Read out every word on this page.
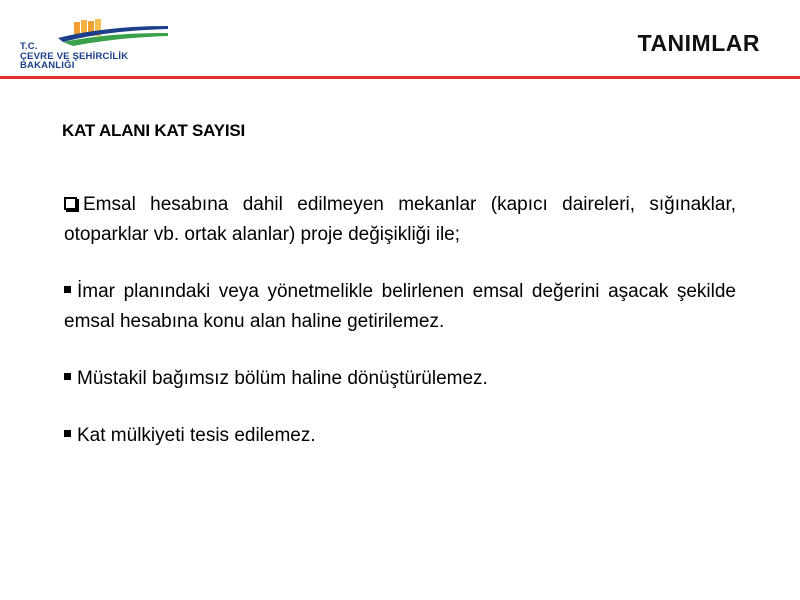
T.C.
ÇEVRE VE ŞEHİRCİLİK
BAKANLIĞI
TANIMLAR
KAT ALANI KAT SAYISI

Emsal hesabına dahil edilmeyen mekanlar (kapıcı daireleri, sığınaklar, otoparklar vb. ortak alanlar) proje değişikliği ile;

İmar planındaki veya yönetmelikle belirlenen emsal değerini aşacak şekilde emsal hesabına konu alan haline getirilemez.

Müstakil bağımsız bölüm haline dönüştürülemez.

Kat mülkiyeti tesis edilemez.
